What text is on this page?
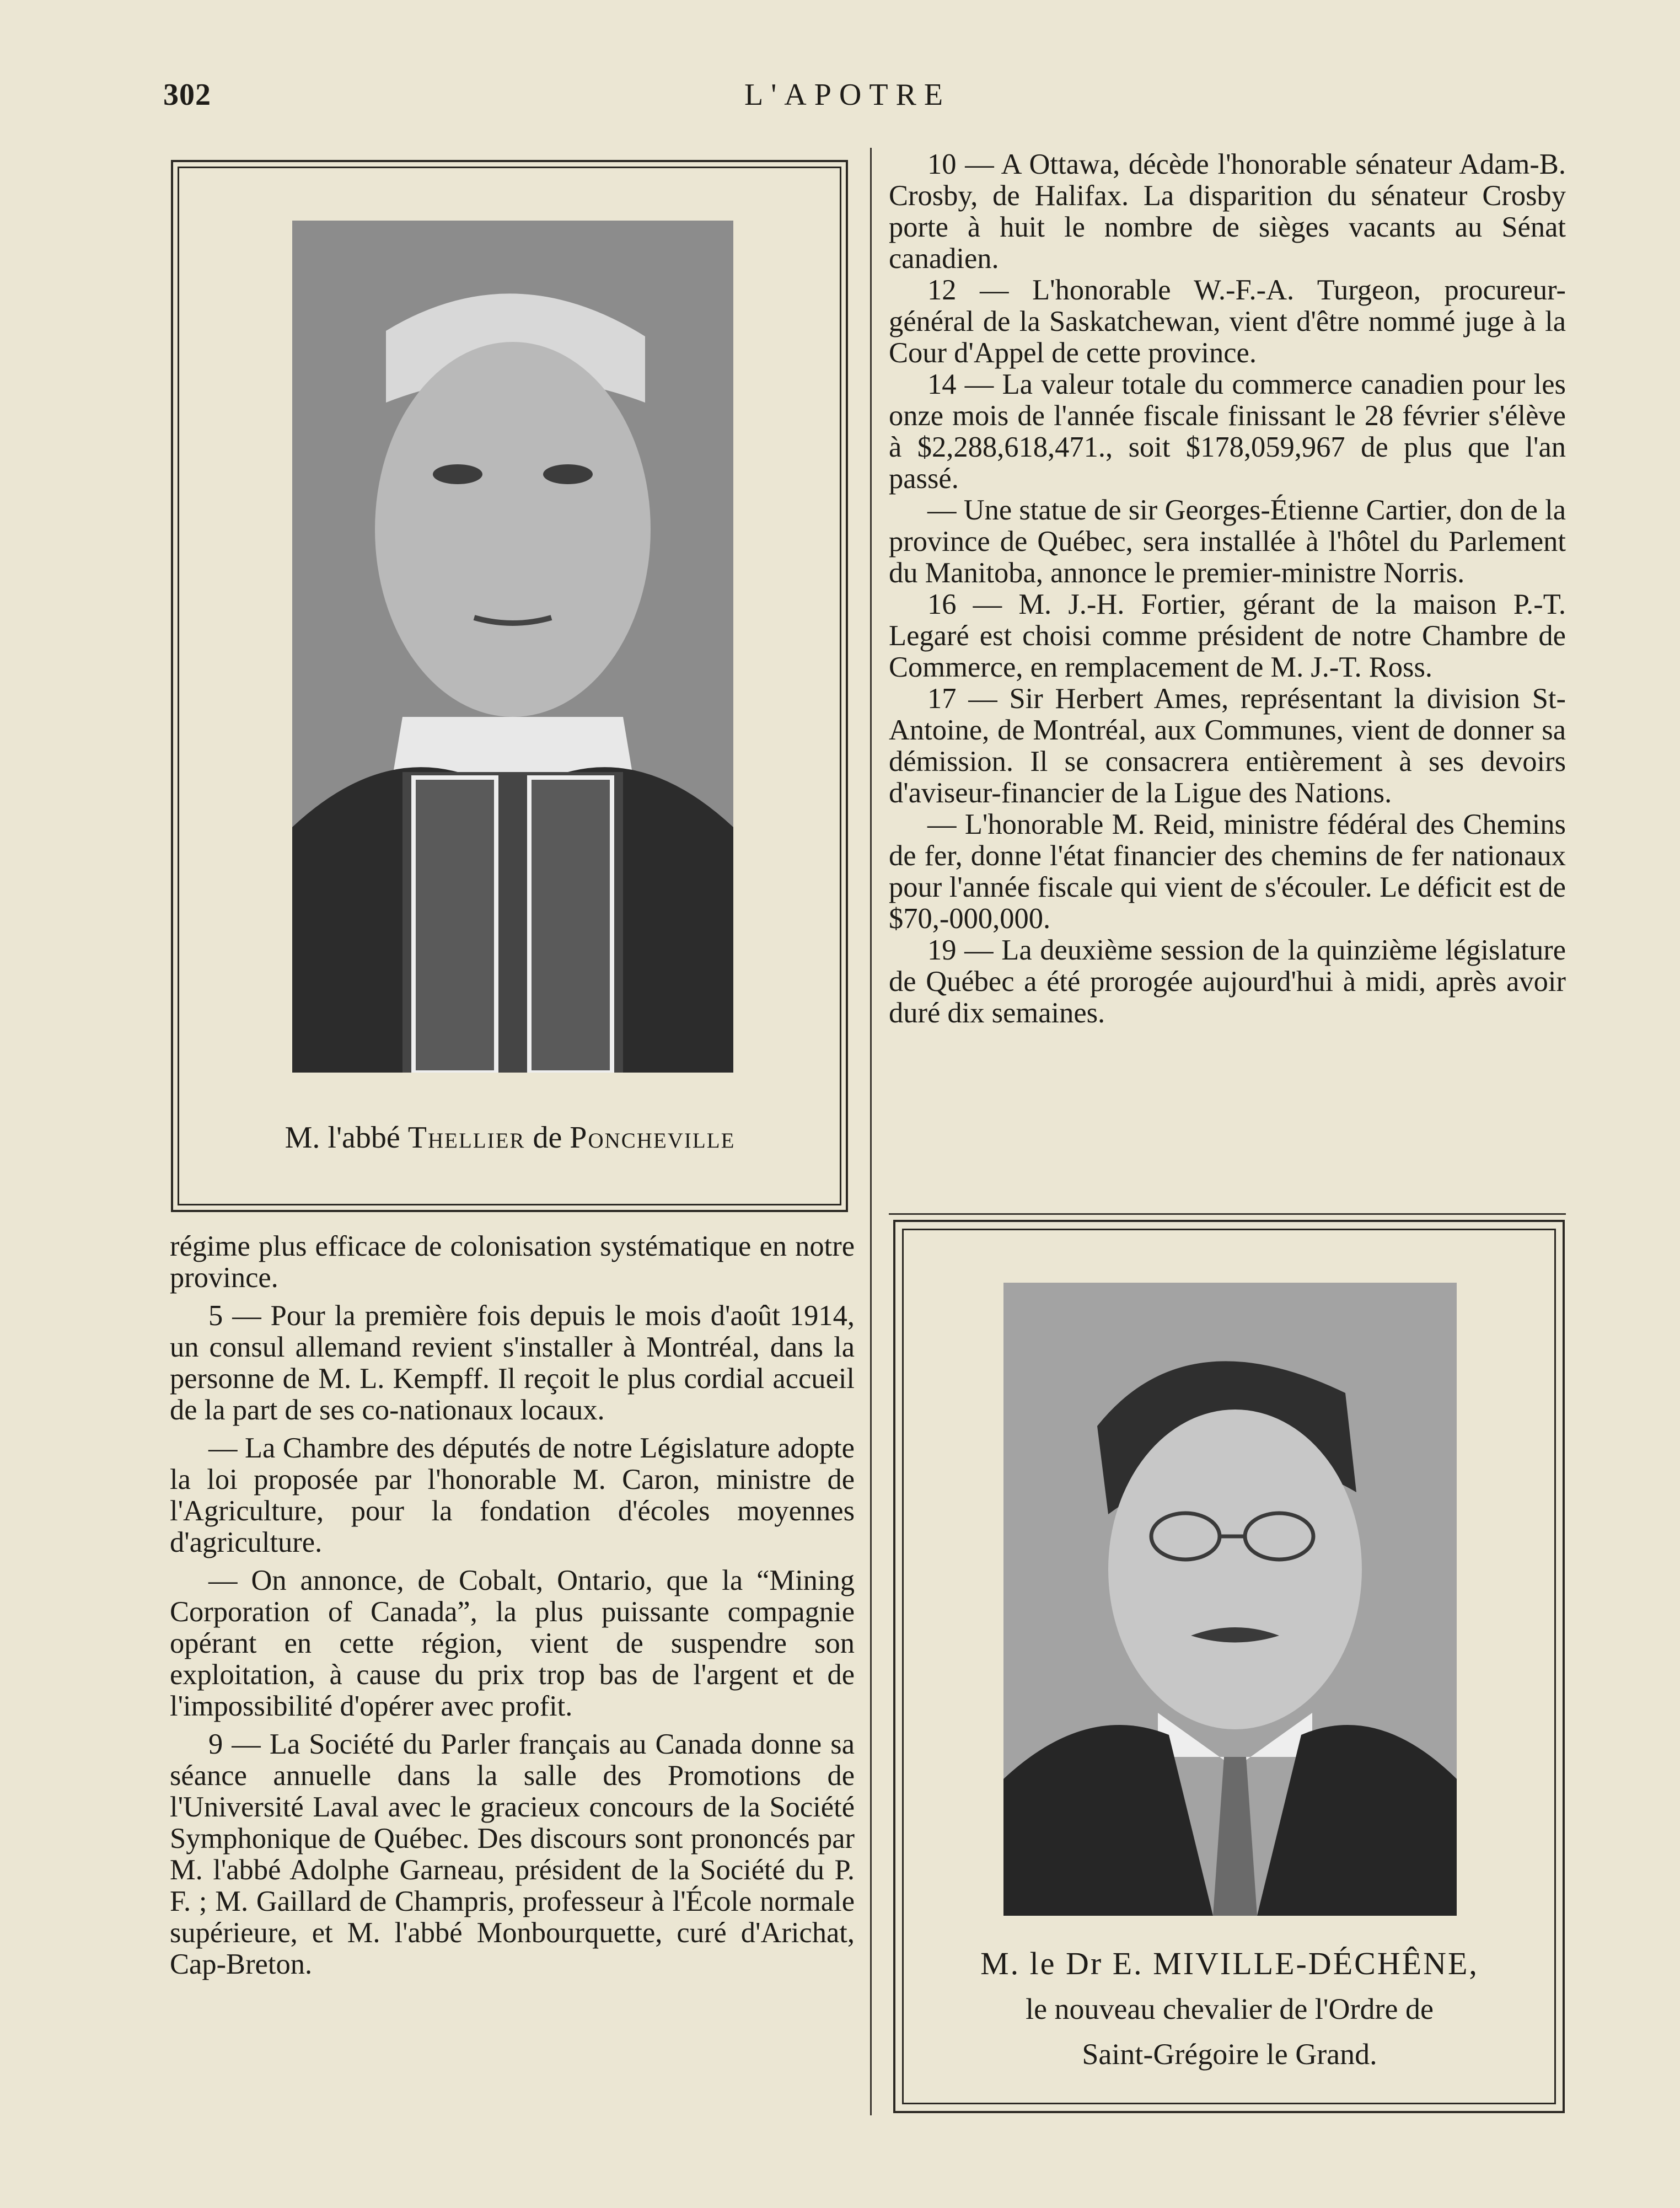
302	L'APOTRE
M. l'abbé Thellier de Poncheville

régime plus efficace de colonisation systématique en notre province.

5 — Pour la première fois depuis le mois d'août 1914, un consul allemand revient s'installer à Montréal, dans la personne de M. L. Kempff. Il reçoit le plus cordial accueil de la part de ses co-nationaux locaux.

— La Chambre des députés de notre Législature adopte la loi proposée par l'honorable M. Caron, ministre de l'Agriculture, pour la fondation d'écoles moyennes d'agriculture.

— On annonce, de Cobalt, Ontario, que la “Mining Corporation of Canada”, la plus puissante compagnie opérant en cette région, vient de suspendre son exploitation, à cause du prix trop bas de l'argent et de l'impossibilité d'opérer avec profit.

9 — La Société du Parler français au Canada donne sa séance annuelle dans la salle des Promotions de l'Université Laval avec le gracieux concours de la Société Symphonique de Québec. Des discours sont prononcés par M. l'abbé Adolphe Garneau, président de la Société du P. F. ; M. Gaillard de Champris, professeur à l'École normale supérieure, et M. l'abbé Monbourquette, curé d'Arichat, Cap-Breton.

10 — A Ottawa, décède l'honorable sénateur Adam-B. Crosby, de Halifax. La disparition du sénateur Crosby porte à huit le nombre de sièges vacants au Sénat canadien.

12 — L'honorable W.-F.-A. Turgeon, procureur-général de la Saskatchewan, vient d'être nommé juge à la Cour d'Appel de cette province.

14 — La valeur totale du commerce canadien pour les onze mois de l'année fiscale finissant le 28 février s'élève à $2,288,618,471., soit $178,059,967 de plus que l'an passé.

— Une statue de sir Georges-Étienne Cartier, don de la province de Québec, sera installée à l'hôtel du Parlement du Manitoba, annonce le premier-ministre Norris.

16 — M. J.-H. Fortier, gérant de la maison P.-T. Legaré est choisi comme président de notre Chambre de Commerce, en remplacement de M. J.-T. Ross.

17 — Sir Herbert Ames, représentant la division St-Antoine, de Montréal, aux Communes, vient de donner sa démission. Il se consacrera entièrement à ses devoirs d'aviseur-financier de la Ligue des Nations.

— L'honorable M. Reid, ministre fédéral des Chemins de fer, donne l'état financier des chemins de fer nationaux pour l'année fiscale qui vient de s'écouler. Le déficit est de $70,-000,000.

19 — La deuxième session de la quinzième législature de Québec a été prorogée aujourd'hui à midi, après avoir duré dix semaines.

M. le Dr E. MIVILLE-DÉCHÊNE,
le nouveau chevalier de l'Ordre de
Saint-Grégoire le Grand.
